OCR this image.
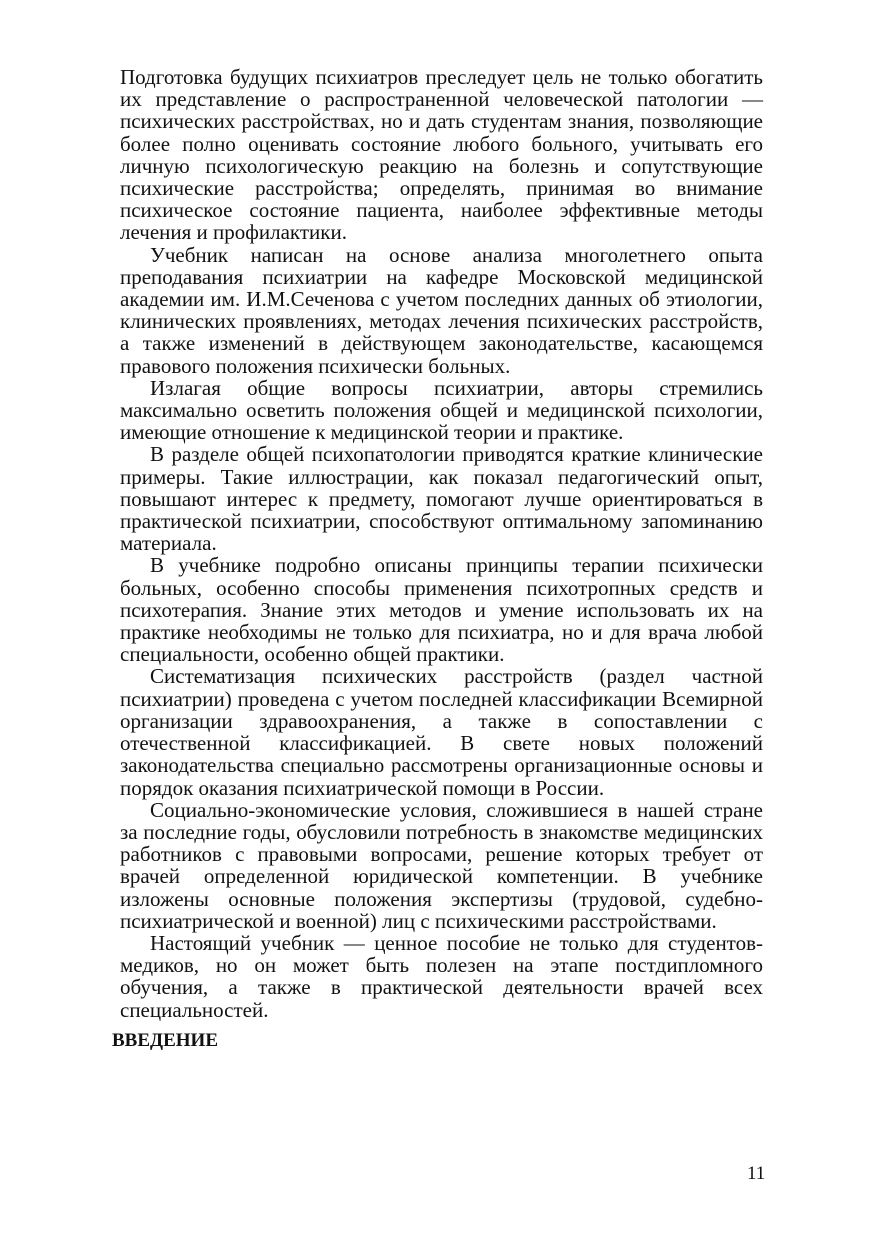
Подготовка будущих психиатров преследует цель не только обогатить их представление о распространенной человеческой патологии — психических расстройствах, но и дать студентам знания, позволяющие более полно оценивать состояние любого больного, учитывать его личную психологическую реакцию на болезнь и сопутствующие психические расстройства; определять, принимая во внимание психическое состояние пациента, наиболее эффективные методы лечения и профилактики.

Учебник написан на основе анализа многолетнего опыта преподавания психиатрии на кафедре Московской медицинской академии им. И.М.Сеченова с учетом последних данных об этиологии, клинических проявлениях, методах лечения психических расстройств, а также изменений в действующем законодательстве, касающемся правового положения психически больных.

Излагая общие вопросы психиатрии, авторы стремились максимально осветить положения общей и медицинской психологии, имеющие отношение к медицинской теории и практике.

В разделе общей психопатологии приводятся краткие клинические примеры. Такие иллюстрации, как показал педагогический опыт, повышают интерес к предмету, помогают лучше ориентироваться в практической психиатрии, способствуют оптимальному запоминанию материала.

В учебнике подробно описаны принципы терапии психически больных, особенно способы применения психотропных средств и психотерапия. Знание этих методов и умение использовать их на практике необходимы не только для психиатра, но и для врача любой специальности, особенно общей практики.

Систематизация психических расстройств (раздел частной психиатрии) проведена с учетом последней классификации Всемирной организации здравоохранения, а также в сопоставлении с отечественной классификацией. В свете новых положений законодательства специально рассмотрены организационные основы и порядок оказания психиатрической помощи в России.

Социально-экономические условия, сложившиеся в нашей стране за последние годы, обусловили потребность в знакомстве медицинских работников с правовыми вопросами, решение которых требует от врачей определенной юридической компетенции. В учебнике изложены основные положения экспертизы (трудовой, судебно-психиатрической и военной) лиц с психическими расстройствами.

Настоящий учебник — ценное пособие не только для студентов-медиков, но он может быть полезен на этапе постдипломного обучения, а также в практической деятельности врачей всех специальностей.

ВВЕДЕНИЕ
11
